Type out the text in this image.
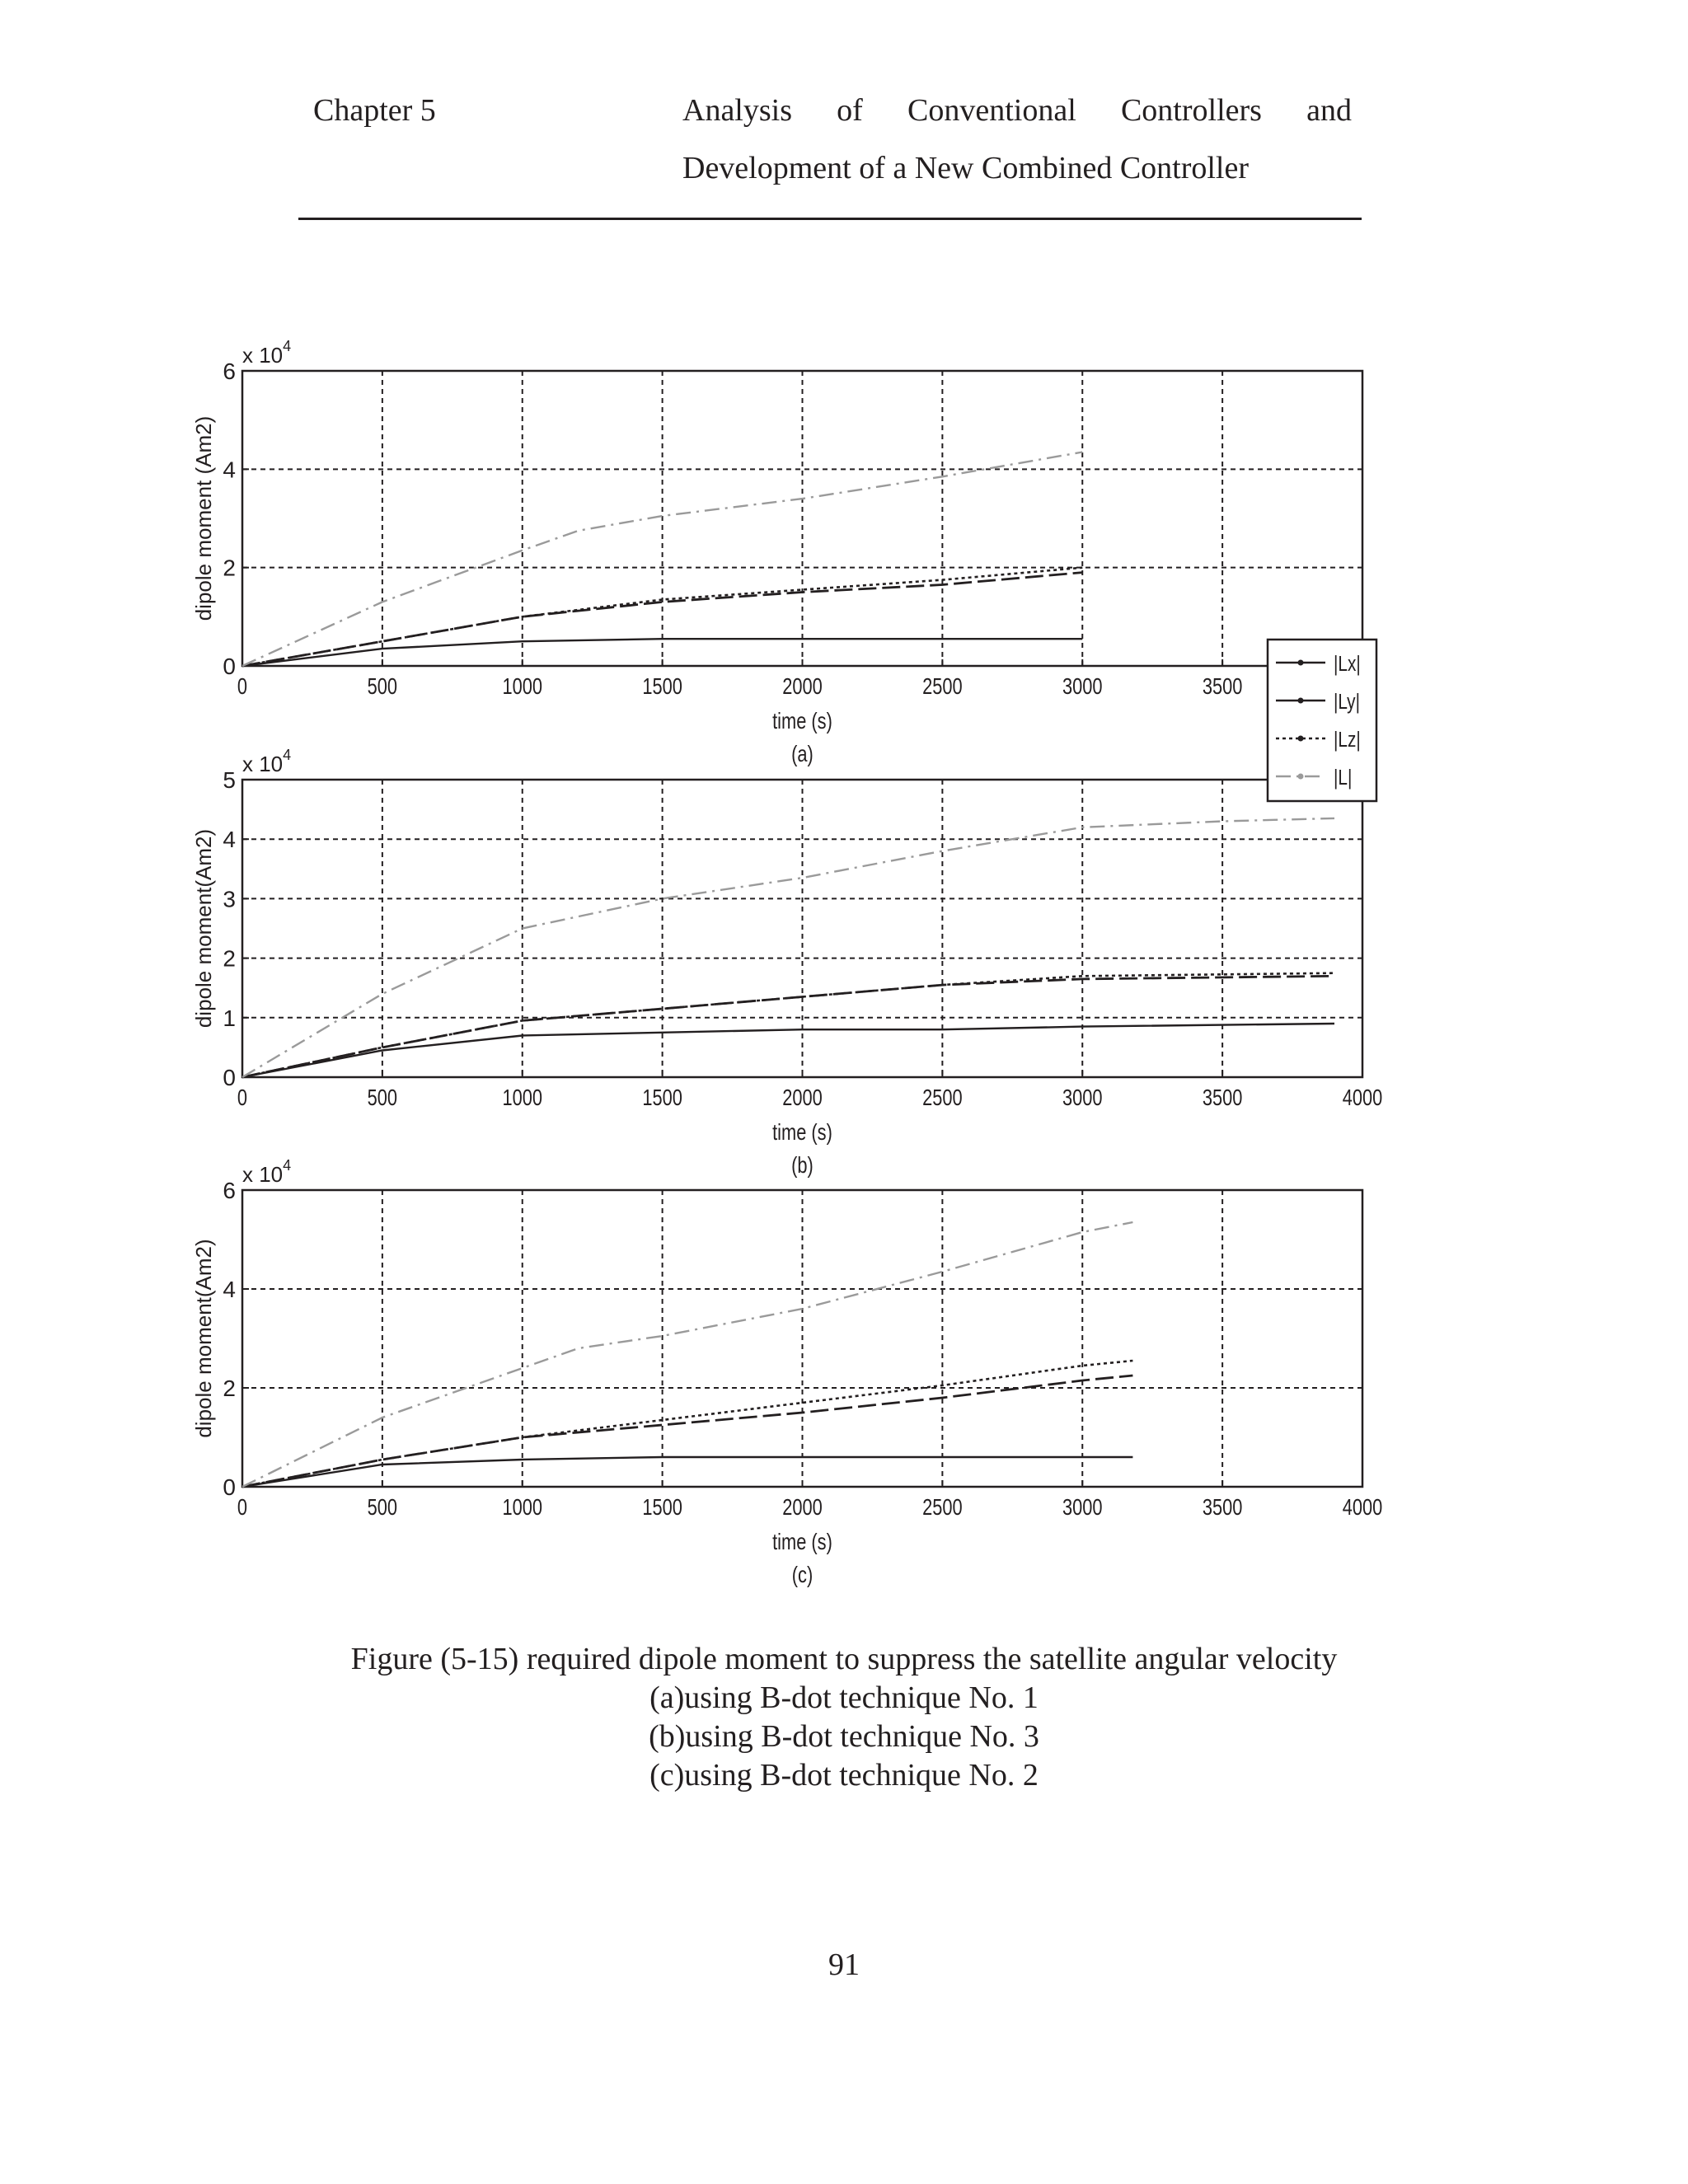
Chapter 5	Analysis of Conventional Controllers and
Development of a New Combined Controller
0	500	1000	1500	2000	2500	3000	3500
0
2
4
6
x $10^4$
dipole moment (Am2)
time (s)
(a)
0	500	1000	1500	2000	2500	3000	3500	4000
0
1
2
3
4
5
x $10^4$
dipole moment(Am2)
time (s)
(b)
0	500	1000	1500	2000	2500	3000	3500	4000
0
2
4
6
x $10^4$
dipole moment(Am2)
time (s)
(c)
|Lx|
|Ly|
|Lz|
|L|
Figure (5-15) required dipole moment to suppress the satellite angular velocity
(a)using B-dot technique No. 1
(b)using B-dot technique No. 3
(c)using B-dot technique No. 2
91
